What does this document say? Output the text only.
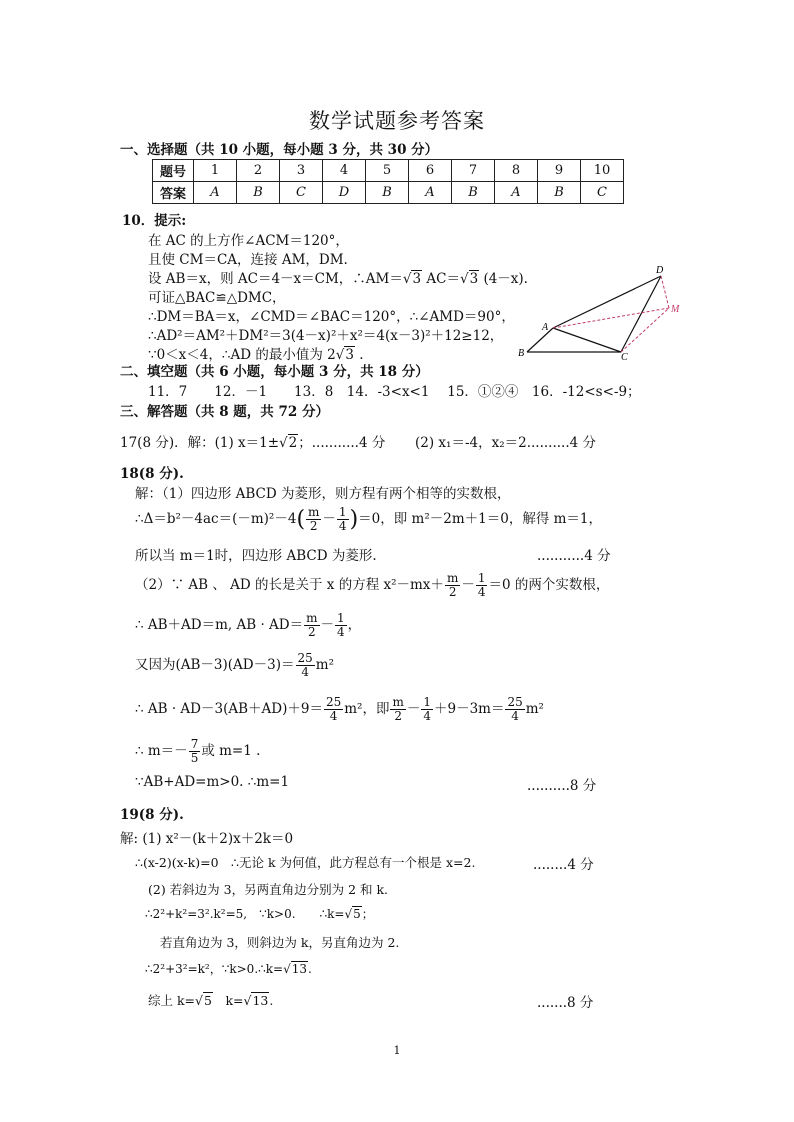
数学试题参考答案
一、选择题（共 10 小题，每小题 3 分，共 30 分）
题号	1	2	3	4	5	6	7	8	9	10
答案	A	B	C	D	B	A	B	A	B	C
10．提示:
在 AC 的上方作∠ACM＝120°，
且使 CM＝CA，连接 AM，DM.
设 AB＝x，则 AC＝4－x＝CM，∴AM＝√3 AC＝√3 (4－x).
可证△BAC≌△DMC，
∴DM＝BA＝x，∠CMD＝∠BAC＝120°，∴∠AMD＝90°，
∴AD²＝AM²＋DM²＝3(4－x)²＋x²＝4(x－3)²＋12≥12，
∵0＜x＜4，∴AD 的最小值为 2√3 .
D
M
A
B	C
二、填空题（共 6 小题，每小题 3 分，共 18 分）
11．7　　12．－1　　13．8　14．-3<x<1　 15．①②④　16．-12<s<-9；
三、解答题（共 8 题，共 72 分）
17(8 分)．解：(1) x＝1±√2；...........4 分 (2) x₁＝-4，x₂＝2..........4 分
18(8 分).
解：（1）四边形 ABCD 为菱形，则方程有两个相等的实数根，
∴Δ＝b²－4ac＝(－m)²－4( $\frac{m}{2} - \frac{1}{4} )=0$，即 m²－2m＋1＝0，解得 m＝1，
所以当 m＝1时，四边形 ABCD 为菱形.	...........4 分
（2）∵ AB 、 AD 的长是关于 x 的方程 $x^2-mx+ \frac{m}{2} - \frac{1}{4} =0$ 的两个实数根，
∴ AB＋AD＝m, AB · $AD= \frac{m}{2} - \frac{1}{4}$ ，
又因为$(AB-3)(AD-3)= \frac{25}{4} m^2$
∴ AB · $AD-3(AB+AD)+9= \frac{25}{4} m^2$，即 $\frac{m}{2} - \frac{1}{4} +9-3m= \frac{25}{4} m^2$
∴ $m=- \frac{7}{5}$ 或 m=1 .
∵AB+AD=m>0. ∴m=1	..........8 分
19(8 分).
解: (1) x²－(k＋2)x＋2k＝0
∴(x-2)(x-k)=0　∴无论 k 为何值，此方程总有一个根是 x=2.	........4 分
(2) 若斜边为 3，另两直角边分别为 2 和 k.
∴2²+k²=3².k²=5,　∵k>0.　　∴k=√5；
若直角边为 3，则斜边为 k，另直角边为 2.
∴2²+3²=k²，∵k>0.∴k=√13.
综上 k=√5　k=√13.	.......8 分
1
